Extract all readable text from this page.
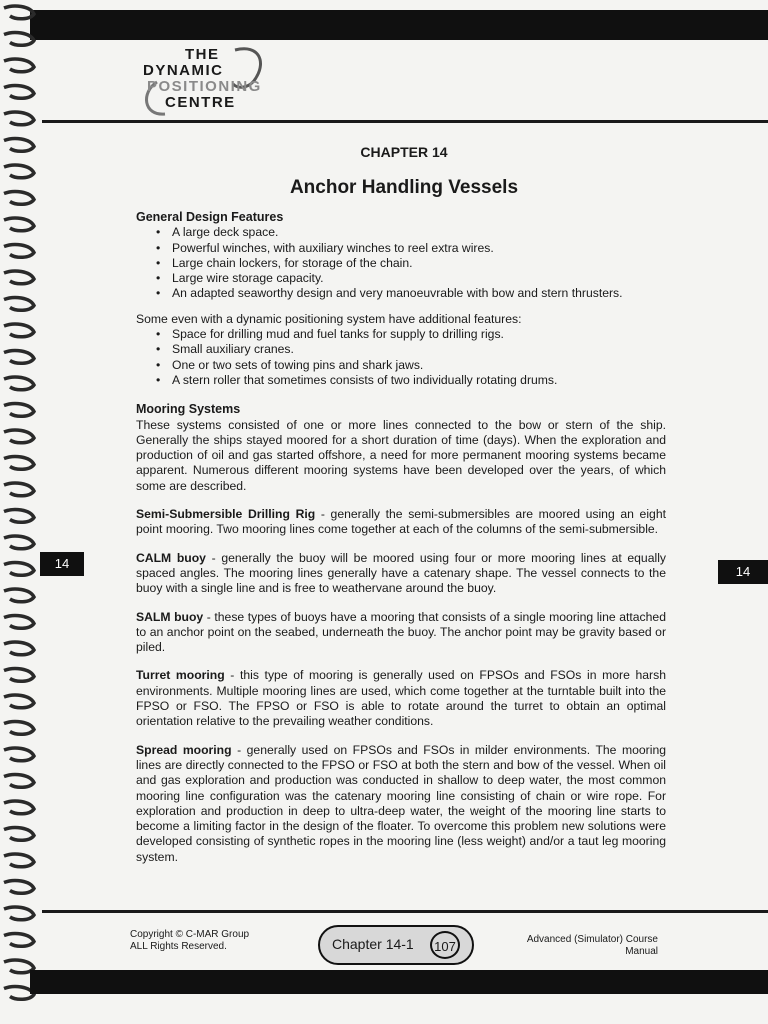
THE
DYNAMIC
POSITIONING
CENTRE
CHAPTER 14
Anchor Handling Vessels
General Design Features
• A large deck space.
• Powerful winches, with auxiliary winches to reel extra wires.
• Large chain lockers, for storage of the chain.
• Large wire storage capacity.
• An adapted seaworthy design and very manoeuvrable with bow and stern thrusters.
Some even with a dynamic positioning system have additional features:
• Space for drilling mud and fuel tanks for supply to drilling rigs.
• Small auxiliary cranes.
• One or two sets of towing pins and shark jaws.
• A stern roller that sometimes consists of two individually rotating drums.
Mooring Systems

These systems consisted of one or more lines connected to the bow or stern of the ship. Generally the ships stayed moored for a short duration of time (days). When the exploration and production of oil and gas started offshore, a need for more permanent mooring systems became apparent. Numerous different mooring systems have been developed over the years, of which some are described.

Semi-Submersible Drilling Rig - generally the semi-submersibles are moored using an eight point mooring. Two mooring lines come together at each of the columns of the semi-submersible.

CALM buoy - generally the buoy will be moored using four or more mooring lines at equally spaced angles. The mooring lines generally have a catenary shape. The vessel connects to the buoy with a single line and is free to weathervane around the buoy.

SALM buoy - these types of buoys have a mooring that consists of a single mooring line attached to an anchor point on the seabed, underneath the buoy. The anchor point may be gravity based or piled.

Turret mooring - this type of mooring is generally used on FPSOs and FSOs in more harsh environments. Multiple mooring lines are used, which come together at the turntable built into the FPSO or FSO. The FPSO or FSO is able to rotate around the turret to obtain an optimal orientation relative to the prevailing weather conditions.

Spread mooring - generally used on FPSOs and FSOs in milder environments. The mooring lines are directly connected to the FPSO or FSO at both the stern and bow of the vessel. When oil and gas exploration and production was conducted in shallow to deep water, the most common mooring line configuration was the catenary mooring line consisting of chain or wire rope. For exploration and production in deep to ultra-deep water, the weight of the mooring line starts to become a limiting factor in the design of the floater. To overcome this problem new solutions were developed consisting of synthetic ropes in the mooring line (less weight) and/or a taut leg mooring system.

14
14
Copyright © C-MAR Group
ALL Rights Reserved.	Chapter 14-1	107	Advanced (Simulator) Course
Manual
